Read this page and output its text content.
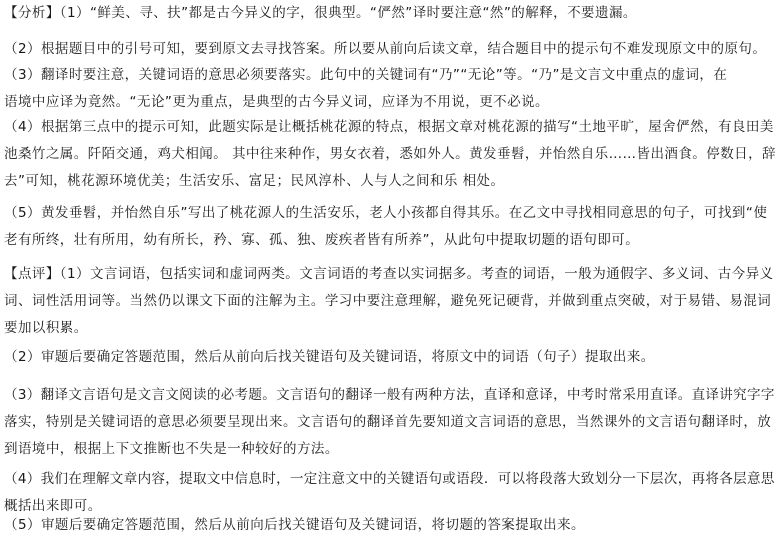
【分析】（1）“鲜美、寻、扶”都是古今异义的字，很典型。“俨然”译时要注意“然”的解释，不要遗漏。

（2）根据题目中的引号可知，要到原文去寻找答案。所以要从前向后读文章，结合题目中的提示句不难发现原文中的原句。

（3）翻译时要注意，关键词语的意思必须要落实。此句中的关键词有“乃”“无论”等。“乃”是文言文中重点的虚词，在
语境中应译为竟然。“无论”更为重点，是典型的古今异义词，应译为不用说，更不必说。

（4）根据第三点中的提示可知，此题实际是让概括桃花源的特点，根据文章对桃花源的描写“土地平旷，屋舍俨然，有良田美
池桑竹之属。阡陌交通，鸡犬相闻。 其中往来种作，男女衣着，悉如外人。黄发垂髫，并怡然自乐……皆出酒食。停数日，辞
去”可知，桃花源环境优美；生活安乐、富足；民风淳朴、人与人之间和乐 相处。

（5）黄发垂髫，并怡然自乐”写出了桃花源人的生活安乐，老人小孩都自得其乐。在乙文中寻找相同意思的句子，可找到“使
老有所终，壮有所用，幼有所长，矜、寡、孤、独、废疾者皆有所养”，从此句中提取切题的语句即可。

【点评】（1）文言词语，包括实词和虚词两类。文言词语的考查以实词据多。考查的词语，一般为通假字、多义词、古今异义
词、词性活用词等。当然仍以课文下面的注解为主。学习中要注意理解，避免死记硬背，并做到重点突破，对于易错、易混词
要加以积累。

（2）审题后要确定答题范围，然后从前向后找关键语句及关键词语，将原文中的词语（句子）提取出来。

（3）翻译文言语句是文言文阅读的必考题。文言语句的翻译一般有两种方法，直译和意译，中考时常采用直译。直译讲究字字
落实，特别是关键词语的意思必须要呈现出来。文言语句的翻译首先要知道文言词语的意思，当然课外的文言语句翻译时，放
到语境中，根据上下文推断也不失是一种较好的方法。

（4）我们在理解文章内容，提取文中信息时，一定注意文中的关键语句或语段．可以将段落大致划分一下层次，再将各层意思
概括出来即可。

（5）审题后要确定答题范围，然后从前向后找关键语句及关键词语，将切题的答案提取出来。
